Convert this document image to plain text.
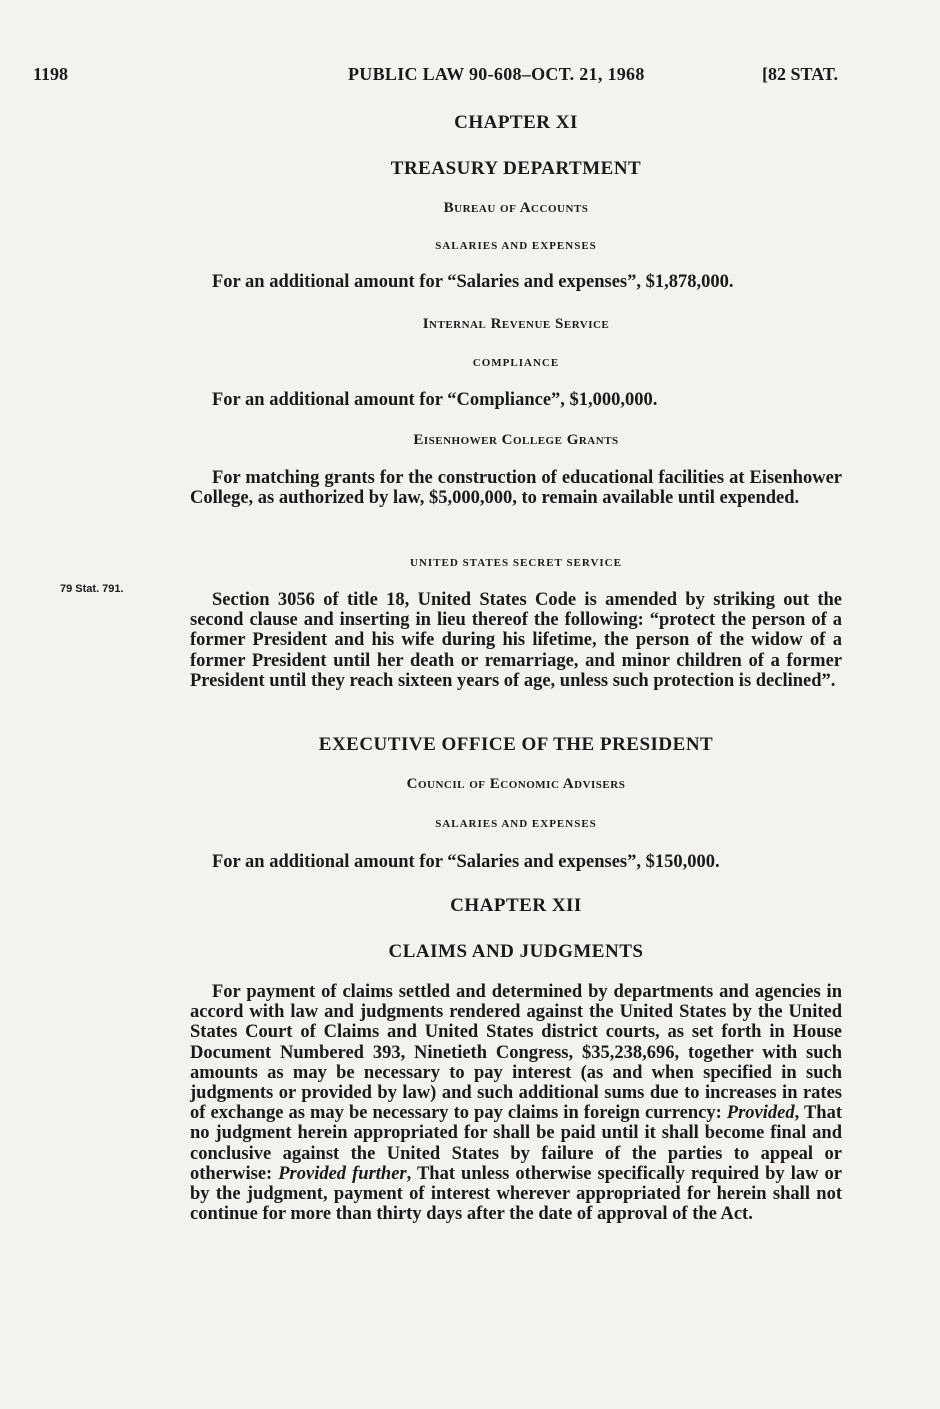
1198	PUBLIC LAW 90-608–OCT. 21, 1968	[82 STAT.
79 Stat. 791.
CHAPTER XI
TREASURY DEPARTMENT
Bureau of Accounts
SALARIES AND EXPENSES
For an additional amount for “Salaries and expenses”, $1,878,000.
Internal Revenue Service
COMPLIANCE
For an additional amount for “Compliance”, $1,000,000.
Eisenhower College Grants
For matching grants for the construction of educational facilities at Eisenhower College, as authorized by law, $5,000,000, to remain available until expended.
UNITED STATES SECRET SERVICE
Section 3056 of title 18, United States Code is amended by striking out the second clause and inserting in lieu thereof the following: “protect the person of a former President and his wife during his lifetime, the person of the widow of a former President until her death or remarriage, and minor children of a former President until they reach sixteen years of age, unless such protection is declined”.
EXECUTIVE OFFICE OF THE PRESIDENT
Council of Economic Advisers
SALARIES AND EXPENSES
For an additional amount for “Salaries and expenses”, $150,000.
CHAPTER XII
CLAIMS AND JUDGMENTS
For payment of claims settled and determined by departments and agencies in accord with law and judgments rendered against the United States by the United States Court of Claims and United States district courts, as set forth in House Document Numbered 393, Ninetieth Congress, $35,238,696, together with such amounts as may be necessary to pay interest (as and when specified in such judgments or provided by law) and such additional sums due to increases in rates of exchange as may be necessary to pay claims in foreign currency: Provided, That no judgment herein appropriated for shall be paid until it shall become final and conclusive against the United States by failure of the parties to appeal or otherwise: Provided further, That unless otherwise specifically required by law or by the judgment, payment of interest wherever appropriated for herein shall not continue for more than thirty days after the date of approval of the Act.
